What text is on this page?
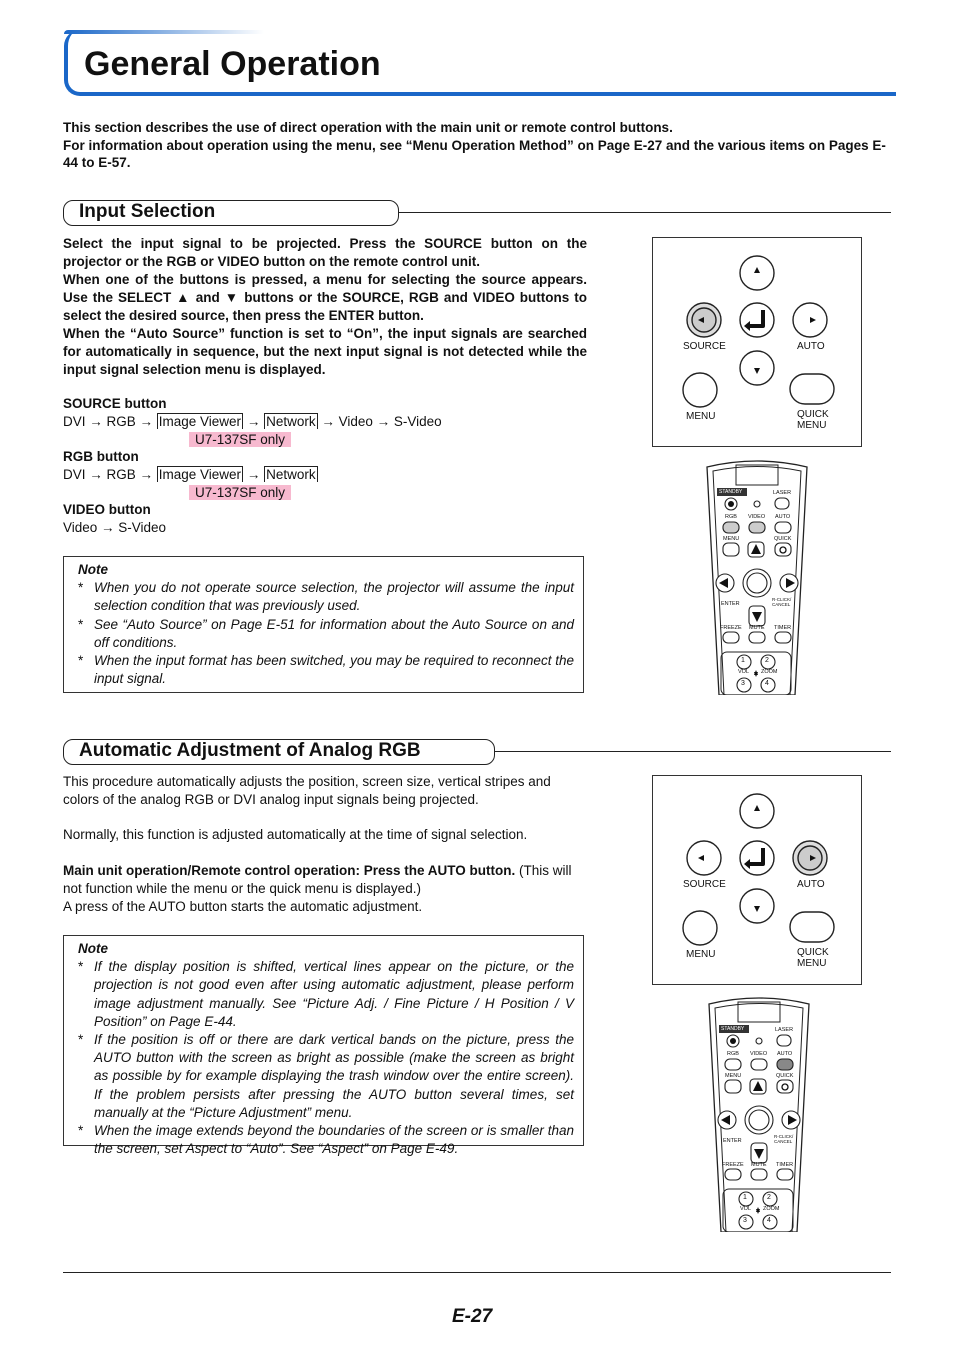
General Operation

This section describes the use of direct operation with the main unit or remote control buttons.

For information about operation using the menu, see “Menu Operation Method” on Page E-27 and the various items on Pages E-44 to E-57.

Input Selection

Select the input signal to be projected. Press the SOURCE button on the projector or the RGB or VIDEO button on the remote control unit.

When one of the buttons is pressed, a menu for selecting the source appears. Use the SELECT ▲ and ▼ buttons or the SOURCE, RGB and VIDEO buttons to select the desired source, then press the ENTER button.

When the “Auto Source” function is set to “On”, the input signals are searched for automatically in sequence, but the next input signal is not detected while the input signal selection menu is displayed.

SOURCE button
DVI → RGB → Image Viewer → Network → Video → S-Video
U7-137SF only
RGB button
DVI → RGB → Image Viewer → Network
U7-137SF only
VIDEO button
Video → S-Video
Note
* When you do not operate source selection, the projector will assume the input selection condition that was previously used.
* See “Auto Source” on Page E-51 for information about the Auto Source on and off conditions.
* When the input format has been switched, you may be required to reconnect the input signal.
SOURCE	AUTO
MENU	QUICK
MENU
STANDBY	LASER
RGB VIDEO AUTO
MENU	QUICK
ENTER
R-CLICK/
CANCEL
FREEZE MUTE TIMER
1	2
3	4
VOL ZOOM
Automatic Adjustment of Analog RGB

This procedure automatically adjusts the position, screen size, vertical stripes and colors of the analog RGB or DVI analog input signals being projected.

Normally, this function is adjusted automatically at the time of signal selection.

Main unit operation/Remote control operation: Press the AUTO button. (This will not function while the menu or the quick menu is displayed.)

A press of the AUTO button starts the automatic adjustment.

Note
* If the display position is shifted, vertical lines appear on the picture, or the projection is not good even after using automatic adjustment, please perform image adjustment manually. See “Picture Adj. / Fine Picture / H Position / V Position” on Page E-44.
* If the position is off or there are dark vertical bands on the picture, press the AUTO button with the screen as bright as possible (make the screen as bright as possible by for example displaying the trash window over the entire screen). If the problem persists after pressing the AUTO button several times, set manually at the “Picture Adjustment” menu.
* When the image extends beyond the boundaries of the screen or is smaller than the screen, set Aspect to “Auto”. See “Aspect” on Page E-49.
SOURCE	AUTO
MENU	QUICK
MENU
STANDBY	LASER
RGB VIDEO AUTO
MENU	QUICK
ENTER
R-CLICK/
CANCEL
FREEZE MUTE TIMER
1	2
3	4
VOL ZOOM
E-27
